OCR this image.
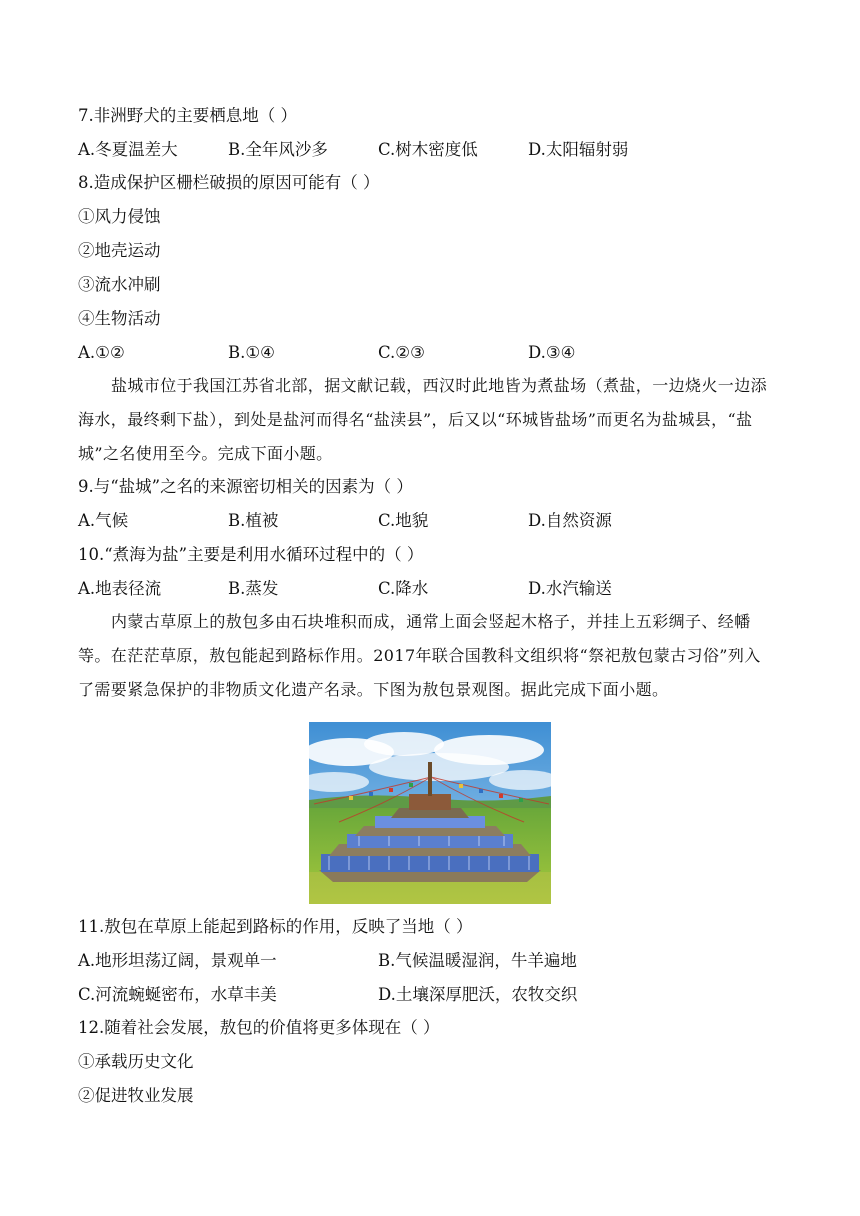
7.非洲野犬的主要栖息地（ ）
A.冬夏温差大	B.全年风沙多	C.树木密度低	D.太阳辐射弱
8.造成保护区栅栏破损的原因可能有（ ）
①风力侵蚀
②地壳运动
③流水冲刷
④生物活动
A.①②	B.①④	C.②③	D.③④
盐城市位于我国江苏省北部，据文献记载，西汉时此地皆为煮盐场（煮盐，一边烧火一边添海水，最终剩下盐），到处是盐河而得名“盐渎县”，后又以“环城皆盐场”而更名为盐城县，“盐城”之名使用至今。完成下面小题。
9.与“盐城”之名的来源密切相关的因素为（ ）
A.气候	B.植被	C.地貌	D.自然资源
10.“煮海为盐”主要是利用水循环过程中的（ ）
A.地表径流	B.蒸发	C.降水	D.水汽输送
内蒙古草原上的敖包多由石块堆积而成，通常上面会竖起木格子，并挂上五彩绸子、经幡等。在茫茫草原，敖包能起到路标作用。2017年联合国教科文组织将“祭祀敖包蒙古习俗”列入了需要紧急保护的非物质文化遗产名录。下图为敖包景观图。据此完成下面小题。
11.敖包在草原上能起到路标的作用，反映了当地（ ）
A.地形坦荡辽阔，景观单一	B.气候温暖湿润，牛羊遍地
C.河流蜿蜒密布，水草丰美	D.土壤深厚肥沃，农牧交织
12.随着社会发展，敖包的价值将更多体现在（ ）
①承载历史文化
②促进牧业发展
